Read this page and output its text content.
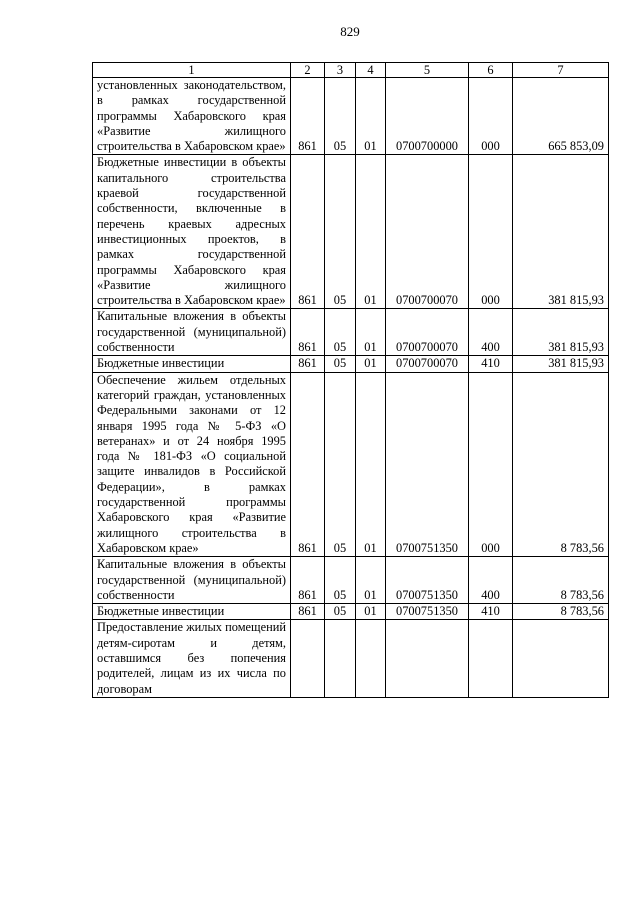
829
1	2	3	4	5	6	7
установленных законодательством, в рамках государственной программы Хабаровского края «Развитие жилищного строительства в Хабаровском крае»	861	05	01	0700700000	000	665 853,09
Бюджетные инвестиции в объекты капитального строительства краевой государственной собственности, включенные в перечень краевых адресных инвестиционных проектов, в рамках государственной программы Хабаровского края «Развитие жилищного строительства в Хабаровском крае»	861	05	01	0700700070	000	381 815,93
Капитальные вложения в объекты государственной (муниципальной) собственности	861	05	01	0700700070	400	381 815,93
Бюджетные инвестиции	861	05	01	0700700070	410	381 815,93
Обеспечение жильем отдельных категорий граждан, установленных Федеральными законами от 12 января 1995 года № 5-ФЗ «О ветеранах» и от 24 ноября 1995 года № 181-ФЗ «О социальной защите инвалидов в Российской Федерации», в рамках государственной программы Хабаровского края «Развитие жилищного строительства в Хабаровском крае»	861	05	01	0700751350	000	8 783,56
Капитальные вложения в объекты государственной (муниципальной) собственности	861	05	01	0700751350	400	8 783,56
Бюджетные инвестиции	861	05	01	0700751350	410	8 783,56
Предоставление жилых помещений детям-сиротам и детям, оставшимся без попечения родителей, лицам из их числа по договорам						
